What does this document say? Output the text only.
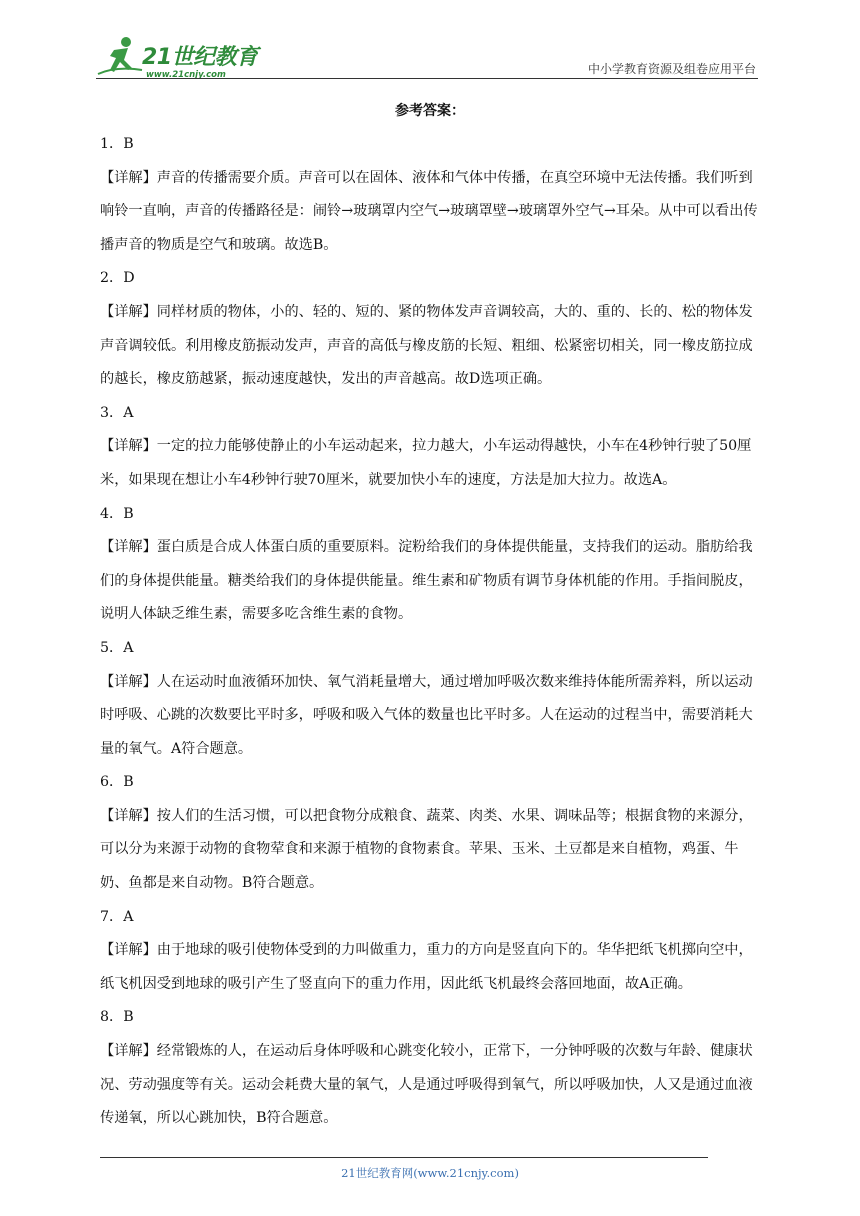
21世纪教育
www.21cnjy.com	中小学教育资源及组卷应用平台
参考答案：
1．B

【详解】声音的传播需要介质。声音可以在固体、液体和气体中传播，在真空环境中无法传播。我们听到响铃一直响，声音的传播路径是：闹铃→玻璃罩内空气→玻璃罩壁→玻璃罩外空气→耳朵。从中可以看出传播声音的物质是空气和玻璃。故选B。

2．D

【详解】同样材质的物体，小的、轻的、短的、紧的物体发声音调较高，大的、重的、长的、松的物体发声音调较低。利用橡皮筋振动发声，声音的高低与橡皮筋的长短、粗细、松紧密切相关，同一橡皮筋拉成的越长，橡皮筋越紧，振动速度越快，发出的声音越高。故D选项正确。

3．A

【详解】一定的拉力能够使静止的小车运动起来，拉力越大，小车运动得越快，小车在4秒钟行驶了50厘米，如果现在想让小车4秒钟行驶70厘米，就要加快小车的速度，方法是加大拉力。故选A。

4．B

【详解】蛋白质是合成人体蛋白质的重要原料。淀粉给我们的身体提供能量，支持我们的运动。脂肪给我们的身体提供能量。糖类给我们的身体提供能量。维生素和矿物质有调节身体机能的作用。手指间脱皮，说明人体缺乏维生素，需要多吃含维生素的食物。

5．A

【详解】人在运动时血液循环加快、氧气消耗量增大，通过增加呼吸次数来维持体能所需养料，所以运动时呼吸、心跳的次数要比平时多，呼吸和吸入气体的数量也比平时多。人在运动的过程当中，需要消耗大量的氧气。A符合题意。

6．B

【详解】按人们的生活习惯，可以把食物分成粮食、蔬菜、肉类、水果、调味品等；根据食物的来源分，可以分为来源于动物的食物荤食和来源于植物的食物素食。苹果、玉米、土豆都是来自植物，鸡蛋、牛奶、鱼都是来自动物。B符合题意。

7．A

【详解】由于地球的吸引使物体受到的力叫做重力，重力的方向是竖直向下的。华华把纸飞机掷向空中，纸飞机因受到地球的吸引产生了竖直向下的重力作用，因此纸飞机最终会落回地面，故A正确。

8．B

【详解】经常锻炼的人，在运动后身体呼吸和心跳变化较小，正常下，一分钟呼吸的次数与年龄、健康状况、劳动强度等有关。运动会耗费大量的氧气，人是通过呼吸得到氧气，所以呼吸加快，人又是通过血液传递氧，所以心跳加快，B符合题意。

21世纪教育网(www.21cnjy.com)
